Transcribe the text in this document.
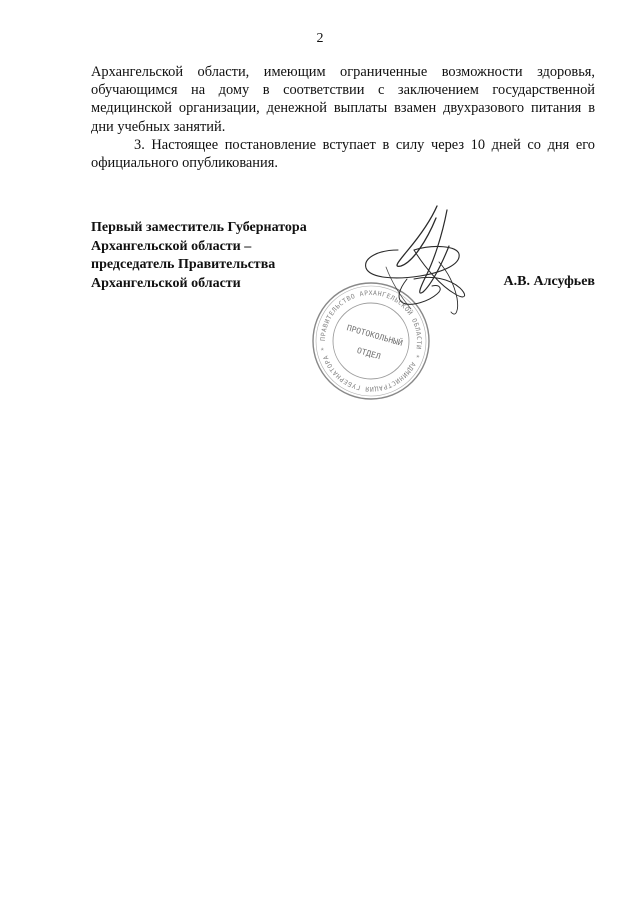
2

Архангельской области, имеющим ограниченные возможности здоровья, обучающимся на дому в соответствии с заключением государственной медицинской организации, денежной выплаты взамен двухразового питания в дни учебных занятий.

3. Настоящее постановление вступает в силу через 10 дней со дня его официального опубликования.

Первый заместитель Губернатора
Архангельской области –
председатель Правительства
Архангельской области	А.В. Алсуфьев
ПРАВИТЕЛЬСТВО АРХАНГЕЛЬСКОЙ ОБЛАСТИ * АДМИНИСТРАЦИЯ ГУБЕРНАТОРА *
ПРОТОКОЛЬНЫЙ
ОТДЕЛ
